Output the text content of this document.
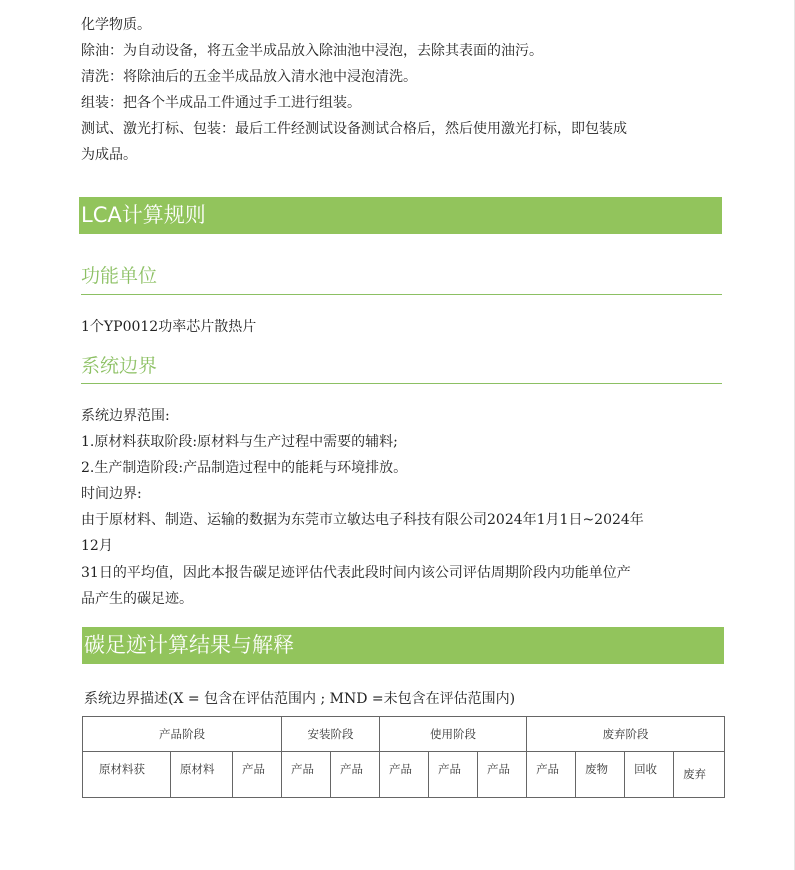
化学物质。
除油：为自动设备，将五金半成品放入除油池中浸泡，去除其表面的油污。
清洗：将除油后的五金半成品放入清水池中浸泡清洗。
组装：把各个半成品工件通过手工进行组装。
测试、激光打标、包装：最后工件经测试设备测试合格后，然后使用激光打标，即包装成
为成品。
LCA计算规则
功能单位
1个YP0012功率芯片散热片
系统边界
系统边界范围:
1.原材料获取阶段:原材料与生产过程中需要的辅料;
2.生产制造阶段:产品制造过程中的能耗与环境排放。
时间边界:
由于原材料、制造、运输的数据为东莞市立敏达电子科技有限公司2024年1月1日~2024年
12月
31日的平均值，因此本报告碳足迹评估代表此段时间内该公司评估周期阶段内功能单位产
品产生的碳足迹。
碳足迹计算结果与解释
系统边界描述(X = 包含在评估范围内 ; MND =未包含在评估范围内)
产品阶段			安装阶段		使用阶段			废弃阶段			
原材料获	原材料	产品	产品	产品	产品	产品	产品	产品	废物	回收	废弃
